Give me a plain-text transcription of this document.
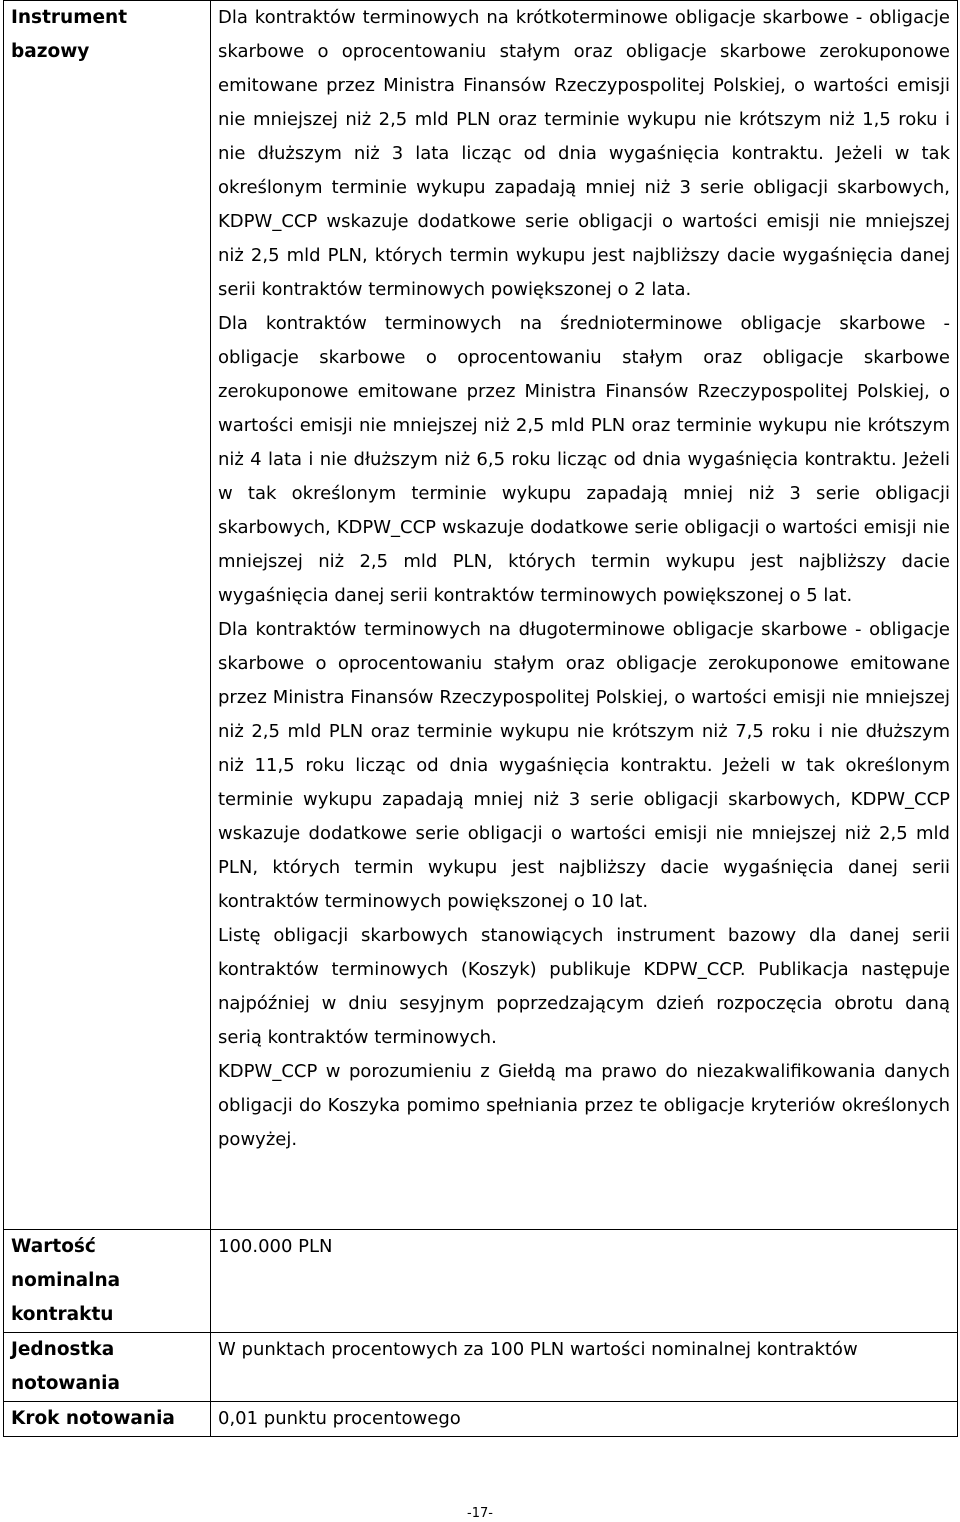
Instrument bazowy	Dla kontraktów terminowych na krótkoterminowe obligacje skarbowe - obligacje skarbowe o oprocentowaniu stałym oraz obligacje skarbowe zerokuponowe emitowane przez Ministra Finansów Rzeczypospolitej Polskiej, o wartości emisji nie mniejszej niż 2,5 mld PLN oraz terminie wykupu nie krótszym niż 1,5 roku i nie dłuższym niż 3 lata licząc od dnia wygaśnięcia kontraktu. Jeżeli w tak określonym terminie wykupu zapadają mniej niż 3 serie obligacji skarbowych, KDPW_CCP wskazuje dodatkowe serie obligacji o wartości emisji nie mniejszej niż 2,5 mld PLN, których termin wykupu jest najbliższy dacie wygaśnięcia danej serii kontraktów terminowych powiększonej o 2 lata.

Dla kontraktów terminowych na średnioterminowe obligacje skarbowe - obligacje skarbowe o oprocentowaniu stałym oraz obligacje skarbowe zerokuponowe emitowane przez Ministra Finansów Rzeczypospolitej Polskiej, o wartości emisji nie mniejszej niż 2,5 mld PLN oraz terminie wykupu nie krótszym niż 4 lata i nie dłuższym niż 6,5 roku licząc od dnia wygaśnięcia kontraktu. Jeżeli w tak określonym terminie wykupu zapadają mniej niż 3 serie obligacji skarbowych, KDPW_CCP wskazuje dodatkowe serie obligacji o wartości emisji nie mniejszej niż 2,5 mld PLN, których termin wykupu jest najbliższy dacie wygaśnięcia danej serii kontraktów terminowych powiększonej o 5 lat.

Dla kontraktów terminowych na długoterminowe obligacje skarbowe - obligacje skarbowe o oprocentowaniu stałym oraz obligacje zerokuponowe emitowane przez Ministra Finansów Rzeczypospolitej Polskiej, o wartości emisji nie mniejszej niż 2,5 mld PLN oraz terminie wykupu nie krótszym niż 7,5 roku i nie dłuższym niż 11,5 roku licząc od dnia wygaśnięcia kontraktu. Jeżeli w tak określonym terminie wykupu zapadają mniej niż 3 serie obligacji skarbowych, KDPW_CCP wskazuje dodatkowe serie obligacji o wartości emisji nie mniejszej niż 2,5 mld PLN, których termin wykupu jest najbliższy dacie wygaśnięcia danej serii kontraktów terminowych powiększonej o 10 lat.

Listę obligacji skarbowych stanowiących instrument bazowy dla danej serii kontraktów terminowych (Koszyk) publikuje KDPW_CCP. Publikacja następuje najpóźniej w dniu sesyjnym poprzedzającym dzień rozpoczęcia obrotu daną serią kontraktów terminowych.

KDPW_CCP w porozumieniu z Giełdą ma prawo do niezakwalifikowania danych obligacji do Koszyka pomimo spełniania przez te obligacje kryteriów określonych powyżej.

Wartość nominalna kontraktu	100.000 PLN

Jednostka notowania	W punktach procentowych za 100 PLN wartości nominalnej kontraktów

Krok notowania	0,01 punktu procentowego

-17-
